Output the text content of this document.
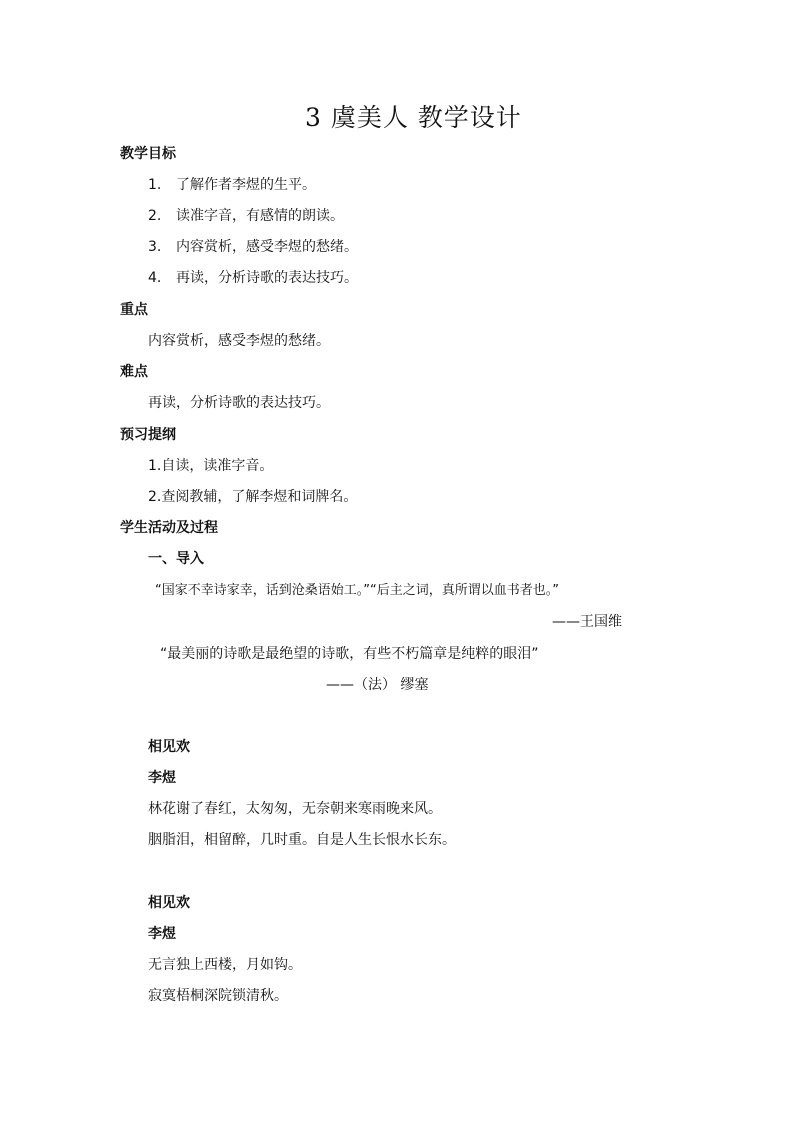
3 虞美人 教学设计
教学目标
1. 了解作者李煜的生平。
2. 读准字音，有感情的朗读。
3. 内容赏析，感受李煜的愁绪。
4. 再读，分析诗歌的表达技巧。
重点
内容赏析，感受李煜的愁绪。
难点
再读，分析诗歌的表达技巧。
预习提纲
1.自读，读准字音。
2.查阅教辅，了解李煜和词牌名。
学生活动及过程
一、导入
“国家不幸诗家幸，话到沧桑语始工。”“后主之词，真所谓以血书者也。”
——王国维
“最美丽的诗歌是最绝望的诗歌，有些不朽篇章是纯粹的眼泪”
——（法） 缪塞
相见欢
李煜
林花谢了春红，太匆匆，无奈朝来寒雨晚来风。
胭脂泪，相留醉，几时重。自是人生长恨水长东。
相见欢
李煜
无言独上西楼，月如钩。
寂寞梧桐深院锁清秋。
